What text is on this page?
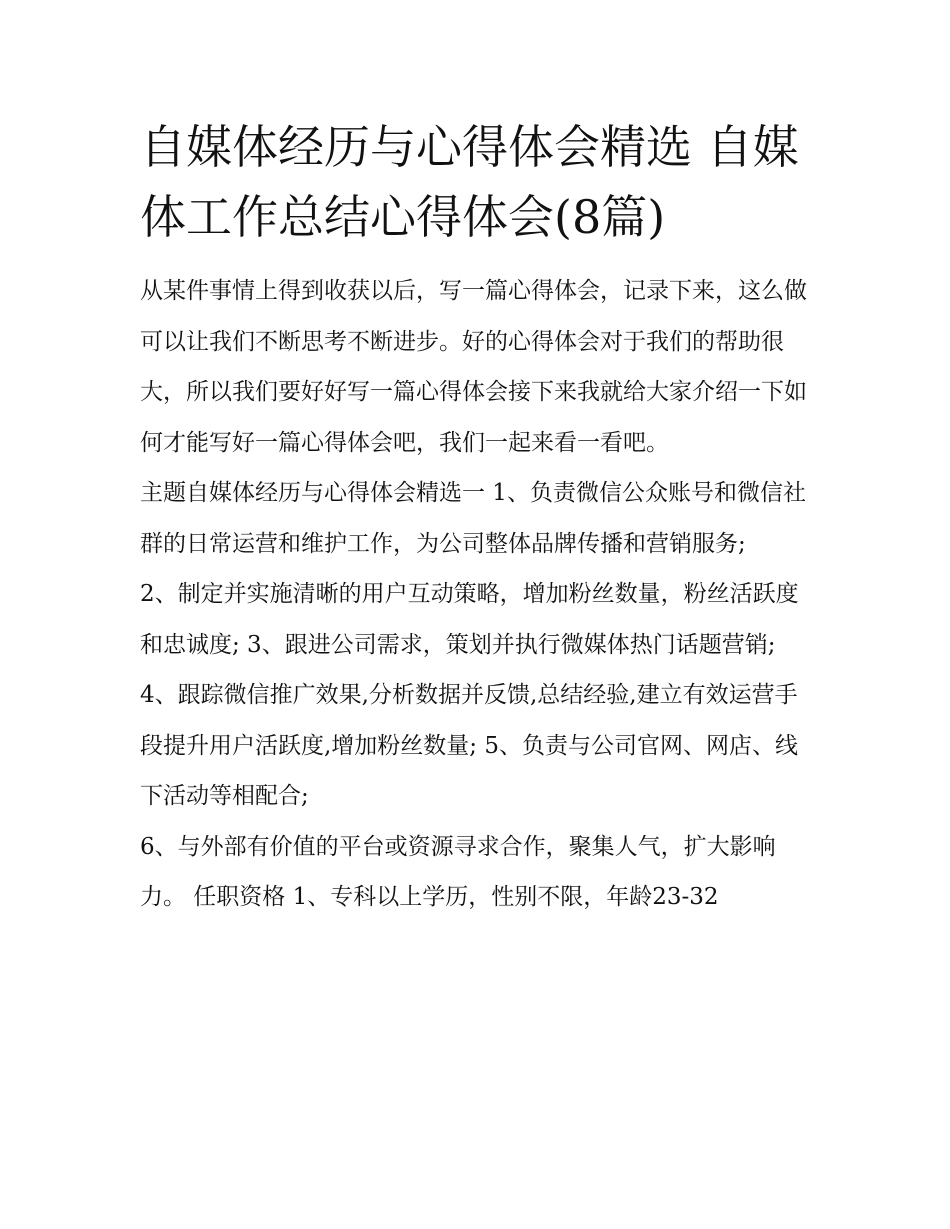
自媒体经历与心得体会精选 自媒体工作总结心得体会(8篇)

从某件事情上得到收获以后，写一篇心得体会，记录下来，这么做可以让我们不断思考不断进步。好的心得体会对于我们的帮助很大，所以我们要好好写一篇心得体会接下来我就给大家介绍一下如何才能写好一篇心得体会吧，我们一起来看一看吧。

主题自媒体经历与心得体会精选一 1、负责微信公众账号和微信社群的日常运营和维护工作，为公司整体品牌传播和营销服务;

2、制定并实施清晰的用户互动策略，增加粉丝数量，粉丝活跃度和忠诚度; 3、跟进公司需求，策划并执行微媒体热门话题营销;

4、跟踪微信推广效果,分析数据并反馈,总结经验,建立有效运营手段提升用户活跃度,增加粉丝数量; 5、负责与公司官网、网店、线下活动等相配合;

6、与外部有价值的平台或资源寻求合作，聚集人气，扩大影响力。 任职资格 1、专科以上学历，性别不限，年龄23-32
